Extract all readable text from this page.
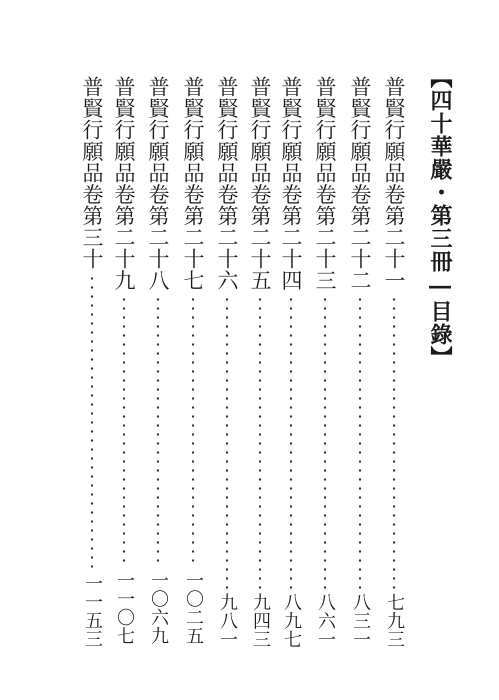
【四十華嚴・第三冊―目錄】
普賢行願品卷第二十一
七九三
普賢行願品卷第二十二
八三一
普賢行願品卷第二十三
八六一
普賢行願品卷第二十四
八九七
普賢行願品卷第二十五
九四三
普賢行願品卷第二十六
九八一
普賢行願品卷第二十七
一〇二五
普賢行願品卷第二十八
一〇六九
普賢行願品卷第二十九
一一〇七
普賢行願品卷第三十
一一五三
